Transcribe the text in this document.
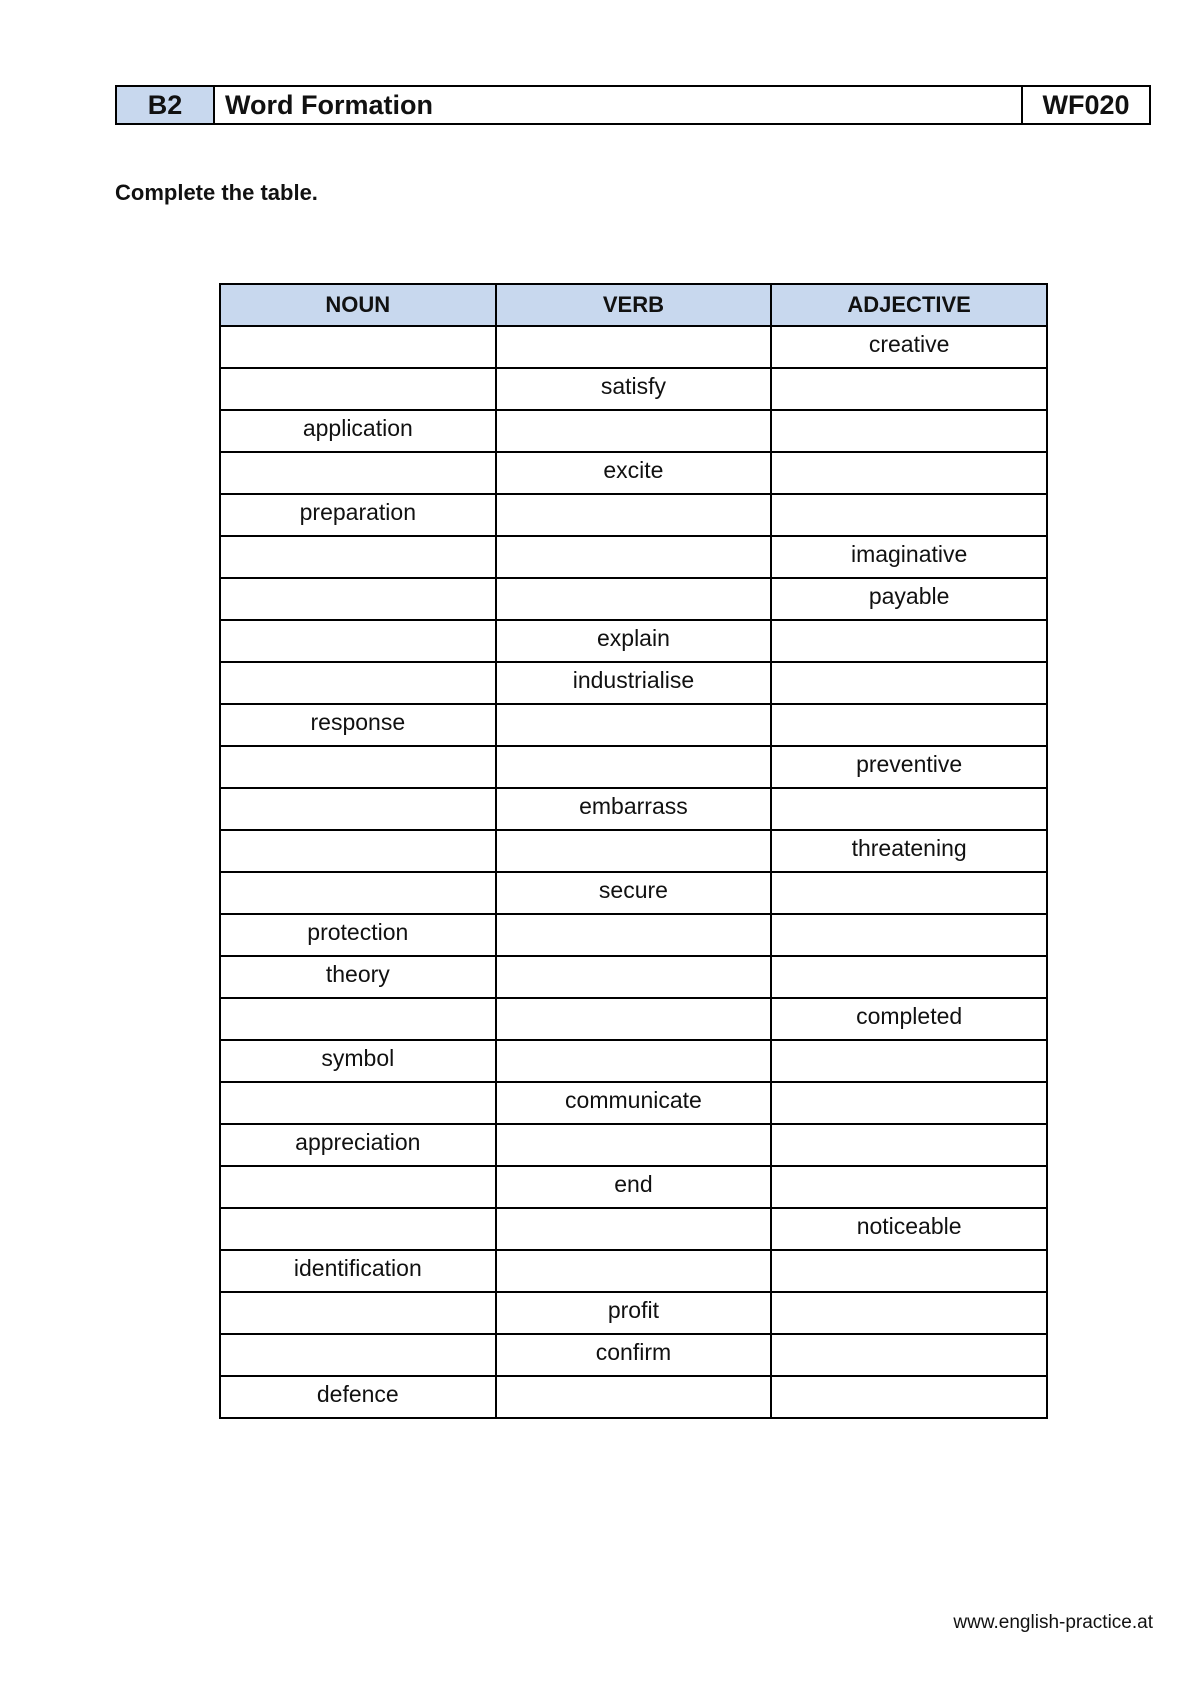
B2	Word Formation	WF020

Complete the table.

NOUN	VERB	ADJECTIVE
		creative
	satisfy	
application		
	excite	
preparation		
		imaginative
		payable
	explain	
	industrialise	
response		
		preventive
	embarrass	
		threatening
	secure	
protection		
theory		
		completed
symbol		
	communicate	
appreciation		
	end	
		noticeable
identification		
	profit	
	confirm	
defence		
www.english-practice.at
